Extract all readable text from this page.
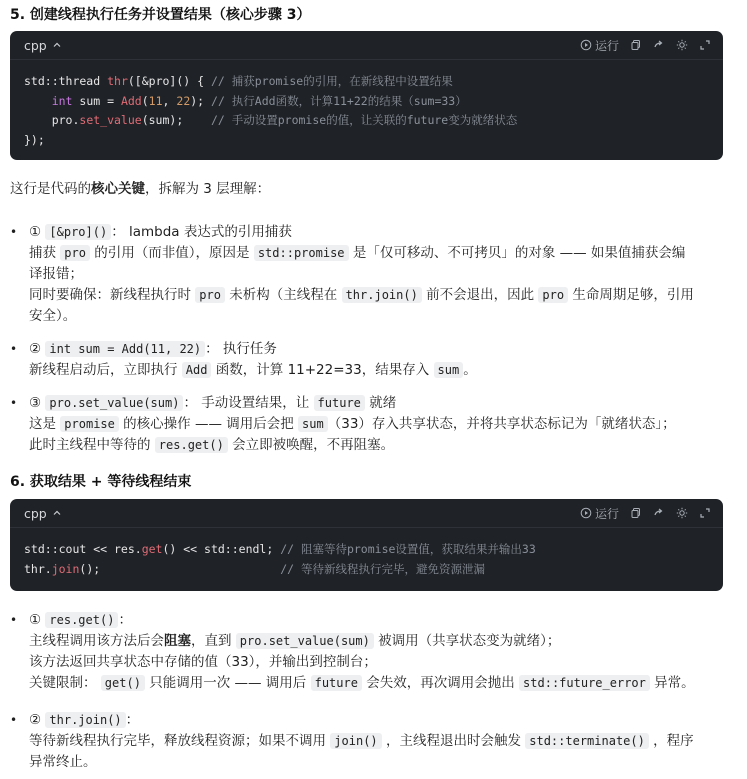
5. 创建线程执行任务并设置结果（核心步骤 3）
cpp	运行
std::thread thr([&pro]() { // 捕获promise的引用，在新线程中设置结果
int sum = Add(11, 22); // 执行Add函数，计算11+22的结果（sum=33）
pro.set_value(sum);    // 手动设置promise的值，让关联的future变为就绪状态
});
这行是代码的核心关键，拆解为 3 层理解：
• ① [&pro]() ： lambda 表达式的引用捕获
捕获 pro 的引用（而非值），原因是 std::promise 是「仅可移动、不可拷贝」的对象 —— 如果值捕获会编
译报错；
同时要确保：新线程执行时 pro 未析构（主线程在 thr.join() 前不会退出，因此 pro 生命周期足够，引用
安全）。
• ② int sum = Add(11, 22) ： 执行任务
新线程启动后，立即执行 Add 函数，计算 11+22=33，结果存入 sum 。
• ③ pro.set_value(sum) ： 手动设置结果，让 future 就绪
这是 promise 的核心操作 —— 调用后会把 sum （33）存入共享状态，并将共享状态标记为「就绪状态」；
此时主线程中等待的 res.get() 会立即被唤醒，不再阻塞。
6. 获取结果 + 等待线程结束
cpp	运行
std::cout << res.get() << std::endl; // 阻塞等待promise设置值，获取结果并输出33
thr.join();                          // 等待新线程执行完毕，避免资源泄漏
• ① res.get() ：
主线程调用该方法后会阻塞，直到 pro.set_value(sum) 被调用（共享状态变为就绪）；
该方法返回共享状态中存储的值（33），并输出到控制台；
关键限制： get() 只能调用一次 —— 调用后 future 会失效，再次调用会抛出 std::future_error 异常。
• ② thr.join() ：
等待新线程执行完毕，释放线程资源；如果不调用 join() ，主线程退出时会触发 std::terminate() ，程序
异常终止。
